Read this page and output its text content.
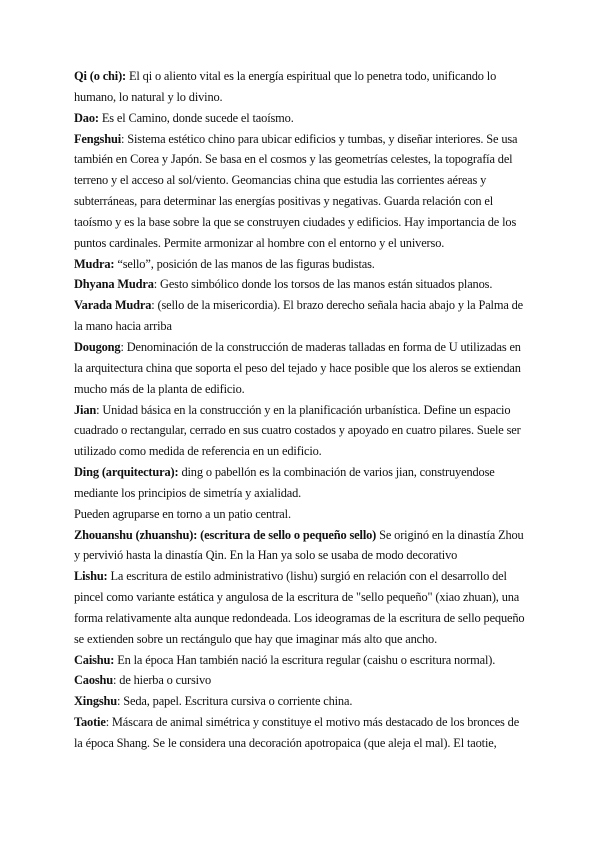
Qi (o chi): El qi o aliento vital es la energía espiritual que lo penetra todo, unificando lo humano, lo natural y lo divino.

Dao: Es el Camino, donde sucede el taoísmo.

Fengshui: Sistema estético chino para ubicar edificios y tumbas, y diseñar interiores. Se usa también en Corea y Japón. Se basa en el cosmos y las geometrías celestes, la topografía del terreno y el acceso al sol/viento. Geomancias china que estudia las corrientes aéreas y subterráneas, para determinar las energías positivas y negativas. Guarda relación con el taoísmo y es la base sobre la que se construyen ciudades y edificios. Hay importancia de los puntos cardinales. Permite armonizar al hombre con el entorno y el universo.

Mudra: “sello”, posición de las manos de las figuras budistas.

Dhyana Mudra: Gesto simbólico donde los torsos de las manos están situados planos.

Varada Mudra: (sello de la misericordia). El brazo derecho señala hacia abajo y la Palma de la mano hacia arriba

Dougong: Denominación de la construcción de maderas talladas en forma de U utilizadas en la arquitectura china que soporta el peso del tejado y hace posible que los aleros se extiendan mucho más de la planta de edificio.

Jian: Unidad básica en la construcción y en la planificación urbanística. Define un espacio cuadrado o rectangular, cerrado en sus cuatro costados y apoyado en cuatro pilares. Suele ser utilizado como medida de referencia en un edificio.

Ding (arquitectura): ding o pabellón es la combinación de varios jian, construyendose mediante los principios de simetría y axialidad.

Pueden agruparse en torno a un patio central.

Zhouanshu (zhuanshu): (escritura de sello o pequeño sello) Se originó en la dinastía Zhou y pervivió hasta la dinastía Qin. En la Han ya solo se usaba de modo decorativo

Lishu: La escritura de estilo administrativo (lishu) surgió en relación con el desarrollo del pincel como variante estática y angulosa de la escritura de "sello pequeño" (xiao zhuan), una forma relativamente alta aunque redondeada. Los ideogramas de la escritura de sello pequeño se extienden sobre un rectángulo que hay que imaginar más alto que ancho.

Caishu: En la época Han también nació la escritura regular (caishu o escritura normal).

Caoshu: de hierba o cursivo

Xingshu: Seda, papel. Escritura cursiva o corriente china.

Taotie: Máscara de animal simétrica y constituye el motivo más destacado de los bronces de la época Shang. Se le considera una decoración apotropaica (que aleja el mal). El taotie,
